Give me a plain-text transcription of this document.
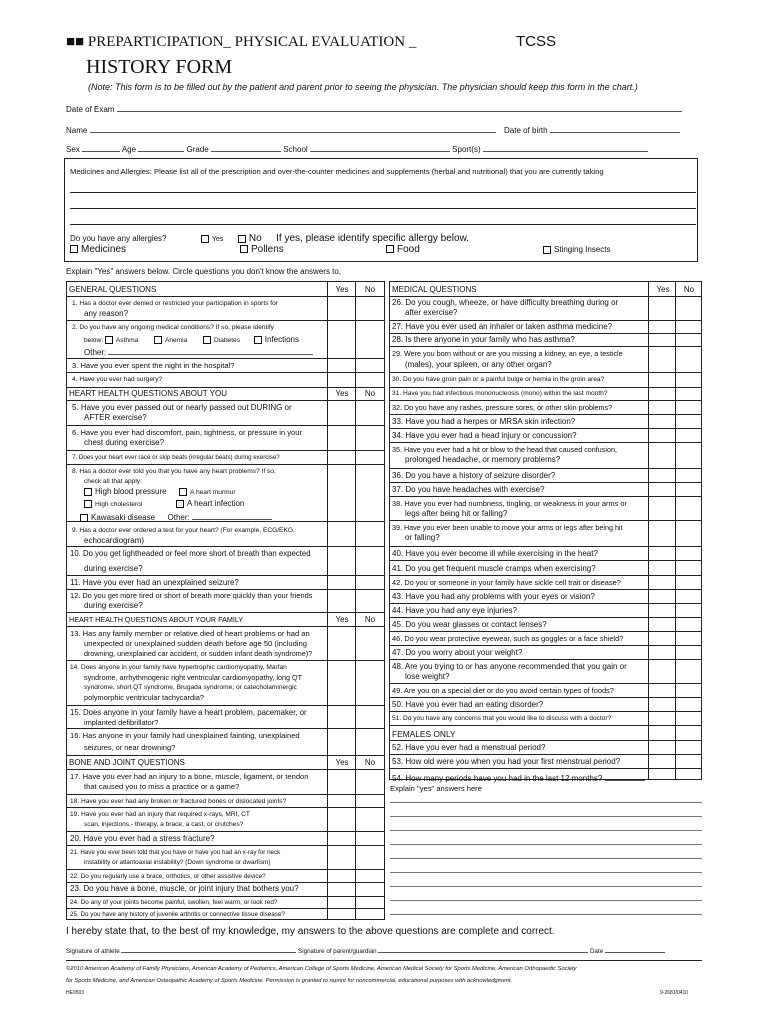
■■ PREPARTICIPATION_ PHYSICAL EVALUATION _	TCSS
HISTORY FORM
(Note: This form is to be filled out by the patient and parent prior to seeing the physician. The physician should keep this form in the chart.)
Date of Exam
Name	Date of birth
Sex	Age	Grade	School	Sport(s)
Medicines and Allergies: Please list all of the prescription and over-the-counter medicines and supplements (herbal and nutritional) that you are currently taking
Do you have any allergies?	Yes	No If yes, please identify specific allergy below.
Medicines	Pollens	Food	Stinging Insects
Explain "Yes" answers below. Circle questions you don't know the answers to.
GENERAL QUESTIONS	Yes	No
1. Has a doctor ever denied or restricted your participation in sports for
any reason?
2. Do you have any ongoing medical conditions? If so, please identify
below: Asthma	Anemia	Diabetes	Infections
Other:
3. Have you ever spent the night in the hospital?
4. Have you ever had surgery?
HEART HEALTH QUESTIONS ABOUT YOU	Yes	No
5. Have you ever passed out or nearly passed out DURING or
AFTER exercise?
6. Have you ever had discomfort, pain, tightness, or pressure in your
chest during exercise?
7. Does your heart ever race or skip beats (irregular beats) during exercise?
8. Has a doctor ever told you that you have any heart problems? If so,
check all that apply:
High blood pressure	A heart murmur
High cholesterol	A heart infection
Kawasaki disease Other:
9. Has a doctor ever ordered a test for your heart? (For example, ECG/EKG,
echocardiogram)
10. Do you get lightheaded or feel more short of breath than expected
during exercise?
11. Have you ever had an unexplained seizure?
12. Do you get more tired or short of breath more quickly than your friends
during exercise?
HEART HEALTH QUESTIONS ABOUT YOUR FAMILY	Yes	No
13. Has any family member or relative died of heart problems or had an
unexpected or unexplained sudden death before age 50 (including
drowning, unexplained car accident, or sudden infant death syndrome)?
14. Does anyone in your family have hypertrophic cardiomyopathy, Marfan
syndrome, arrhythmogenic right ventricular cardiomyopathy, long QT
syndrome, short QT syndrome, Brugada syndrome, or catecholaminergic
polymorphic ventricular tachycardia?
15. Does anyone in your family have a heart problem, pacemaker, or
implanted defibrillator?
16. Has anyone in your family had unexplained fainting, unexplained
seizures, or near drowning?
BONE AND JOINT QUESTIONS	Yes	No
17. Have you ever had an injury to a bone, muscle, ligament, or tendon
that caused you to miss a practice or a game?
18. Have you ever had any broken or fractured bones or dislocated joints?
19. Have you ever had an injury that required x-rays, MRI, CT
scan, injections,- therapy, a brace, a cast, or crutches?
20. Have you ever had a stress fracture?
21. Have you ever been told that you have or have you had an x-ray for neck
instability or atlantoaxial instability? (Down syndrome or dwarfism)
22. Do you regularly use a brace, orthotics, or other assistive device?
23. Do you have a bone, muscle, or joint injury that bothers you?
24. Do any of your joints become painful, swollen, feel warm, or look red?
25. Do you have any history of juvenile arthritis or connective tissue disease?
MEDICAL QUESTIONS	Yes	No
26. Do you cough, wheeze, or have difficulty breathing during or
after exercise?
27. Have you ever used an inhaler or taken asthma medicine?
28. Is there anyone in your family who has asthma?
29. Were you born without or are you missing a kidney, an eye, a testicle
(males), your spleen, or any other organ?
30. Do you have groin pain or a painful bulge or hernia in the groin area?
31. Have you had infectious mononucleosis (mono) within the last month?
32. Do you have any rashes, pressure sores, or other skin problems?
33. Have you had a herpes or MRSA skin infection?
34. Have you ever had a head injury or concussion?
35. Have you ever had a hit or blow to the head that caused confusion,
prolonged headache, or memory problems?
36. Do you have a history of seizure disorder?
37. Do you have headaches with exercise?
38. Have you ever had numbness, tingling, or weakness in your arms or
legs after being hit or falling?
39. Have you ever been unable to move your arms or legs after being hit
or falling?
40. Have you ever become ill while exercising in the heat?
41. Do you get frequent muscle cramps when exercising?
42. Do you or someone in your family have sickle cell trait or disease?
43. Have you had any problems with your eyes or vision?
44. Have you had any eye injuries?
45. Do you wear glasses or contact lenses?
46. Do you wear protective eyewear, such as goggles or a face shield?
47. Do you worry about your weight?
48. Are you trying to or has anyone recommended that you gain or
lose weight?
49. Are you on a special diet or do you avoid certain types of foods?
50. Have you ever had an eating disorder?
51. Do you have any concerns that you would like to discuss with a doctor?
FEMALES ONLY
52. Have you ever had a menstrual period?
53. How old were you when you had your first menstrual period?
54. How many periods have you had in the last 12 months?
Explain "yes" answers here
I hereby state that, to the best of my knowledge, my answers to the above questions are complete and correct.
Signature of athlete	Signature of parent/guardian	Date
©2010 American Academy of Family Physicians, American Academy of Pediatrics, American College of Sports Medicine, American Medical Society for Sports Medicine, American Orthopaedic Society
for Sports Medicine, and American Osteopathic Academy of Sports Medicine. Permission is granted to reprint for noncommercial, educational purposes with acknowledgment.
HE0503	9-2681/0410
